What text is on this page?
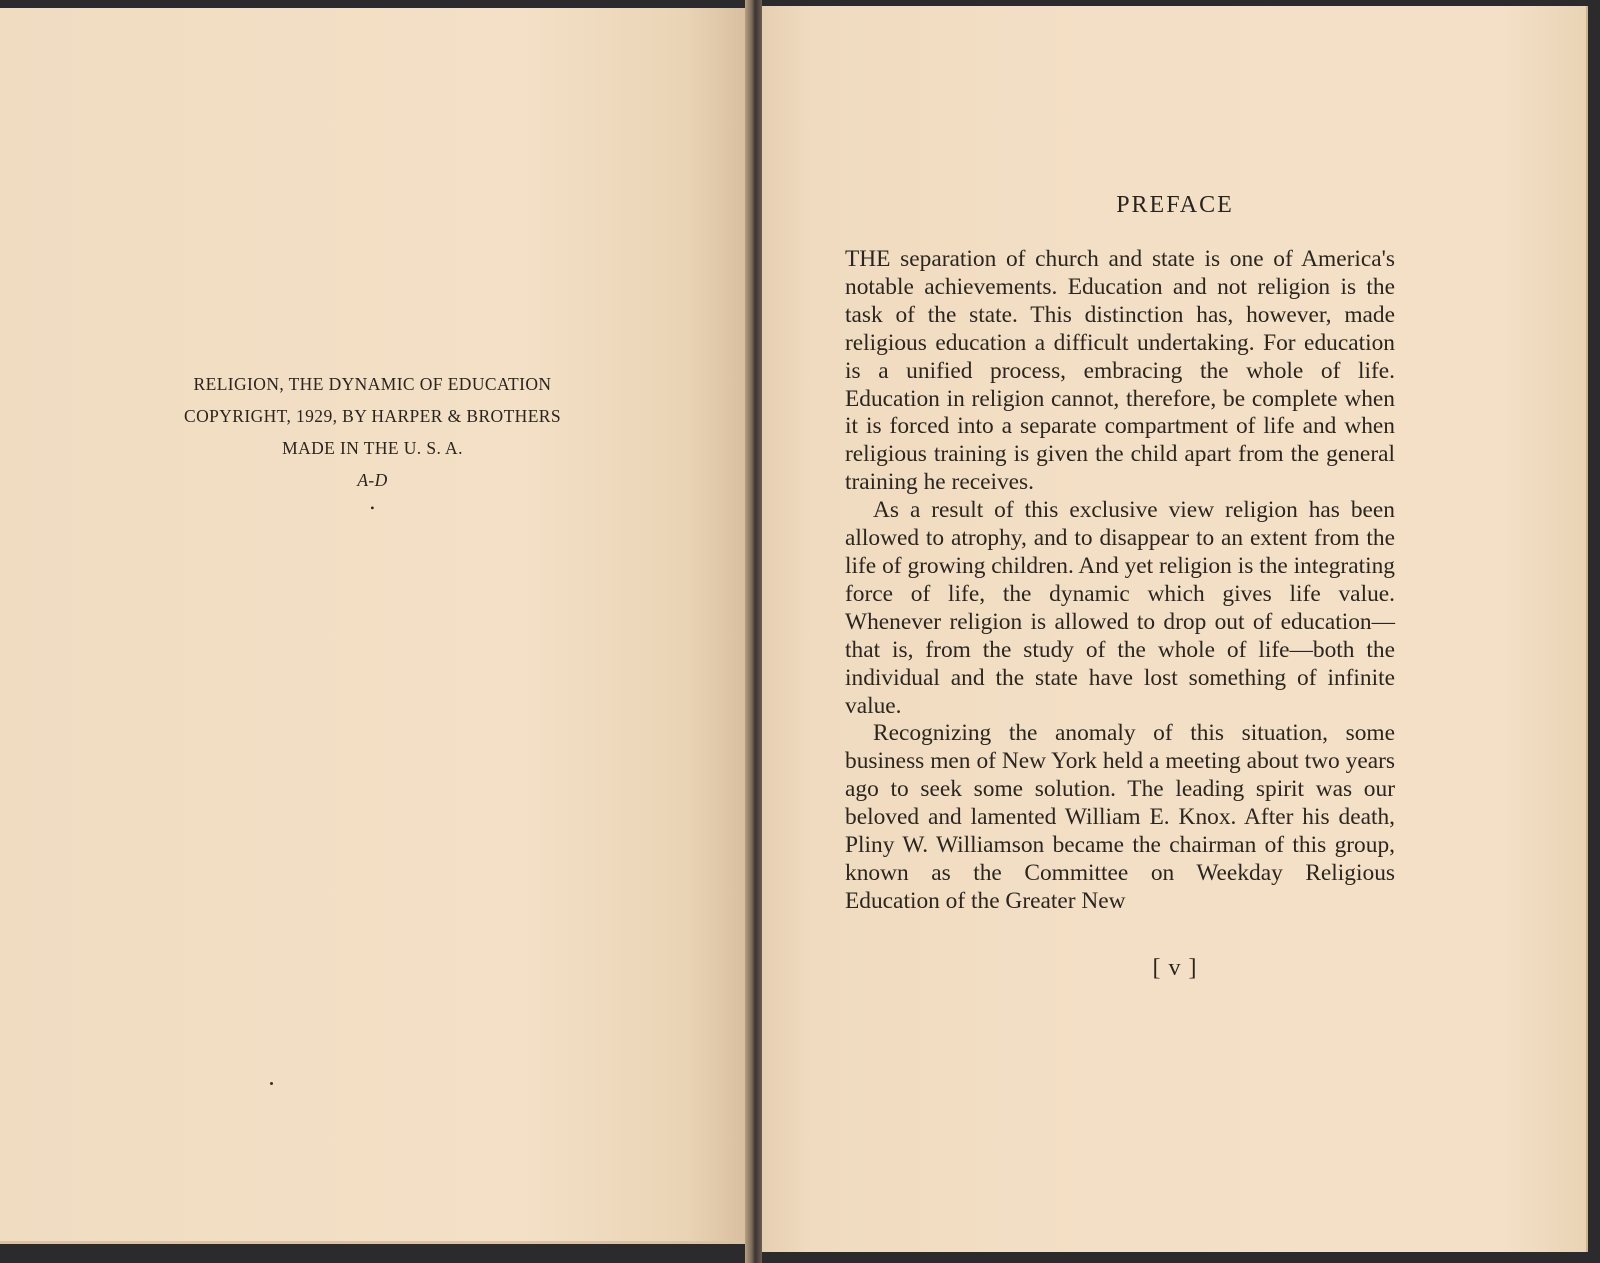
RELIGION, THE DYNAMIC OF EDUCATION
COPYRIGHT, 1929, BY HARPER & BROTHERS
MADE IN THE U. S. A.
A-D
•
PREFACE

THE separation of church and state is one of America's notable achievements. Education and not religion is the task of the state. This distinction has, however, made religious education a difficult undertaking. For education is a unified process, embracing the whole of life. Education in religion cannot, therefore, be complete when it is forced into a separate compartment of life and when religious training is given the child apart from the general training he receives.

As a result of this exclusive view religion has been allowed to atrophy, and to disappear to an extent from the life of growing children. And yet religion is the integrating force of life, the dynamic which gives life value. Whenever religion is allowed to drop out of education—that is, from the study of the whole of life—both the individual and the state have lost something of infinite value.

Recognizing the anomaly of this situation, some business men of New York held a meeting about two years ago to seek some solution. The leading spirit was our beloved and lamented William E. Knox. After his death, Pliny W. Williamson became the chairman of this group, known as the Committee on Weekday Religious Education of the Greater New

[ v ]
